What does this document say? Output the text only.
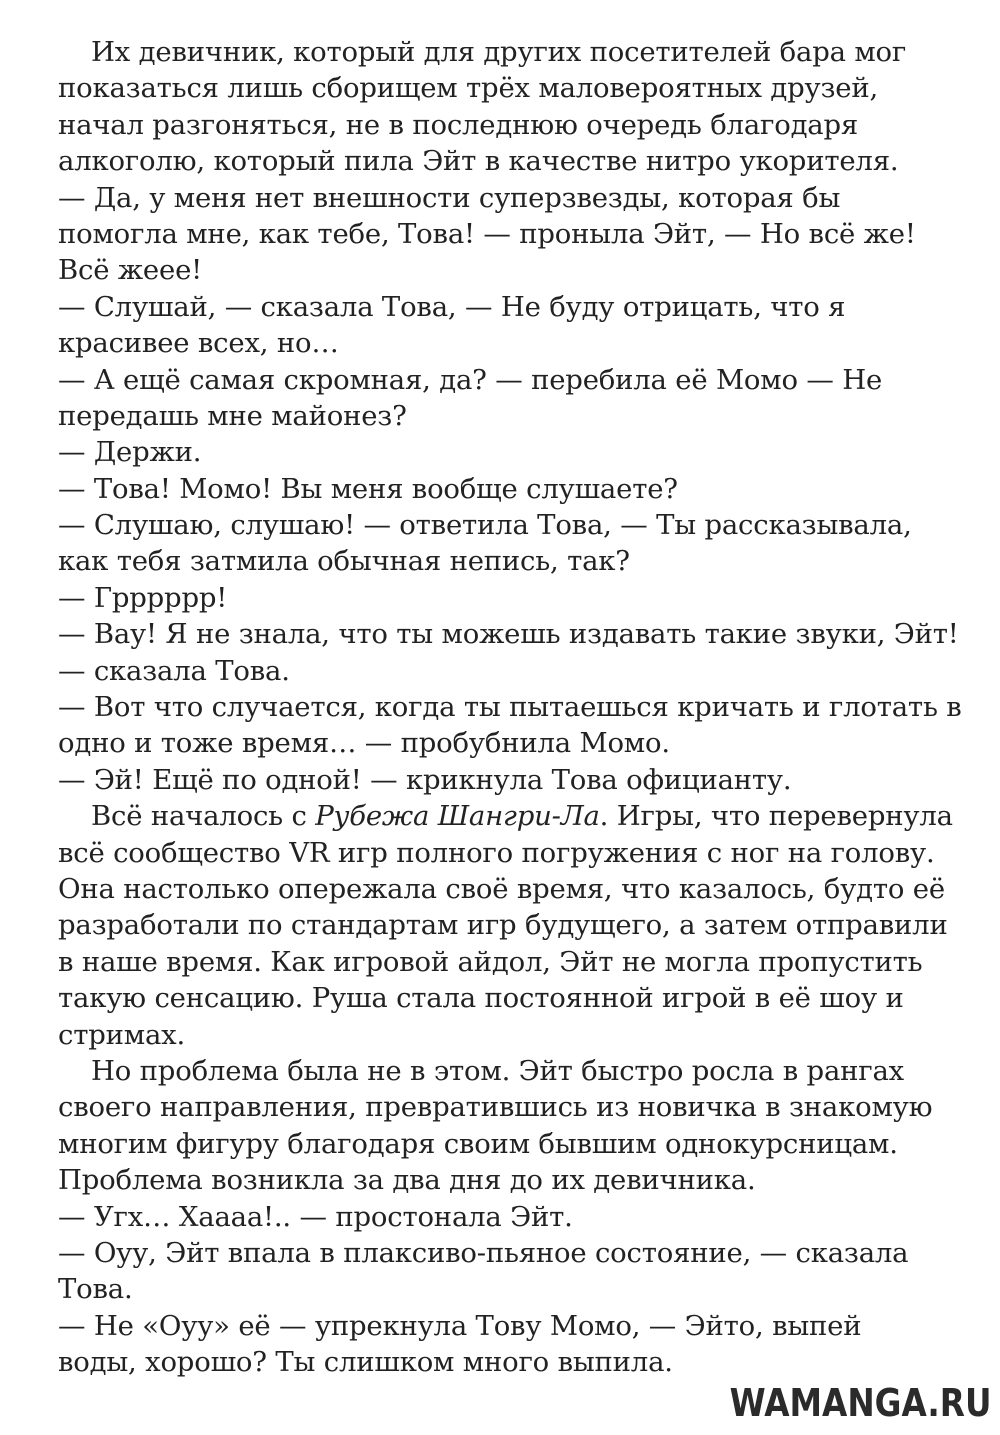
Их девичник, который для других посетителей бара мог
показаться лишь сборищем трёх маловероятных друзей,
начал разгоняться, не в последнюю очередь благодаря
алкоголю, который пила Эйт в качестве нитро укорителя.
— Да, у меня нет внешности суперзвезды, которая бы
помогла мне, как тебе, Това! — проныла Эйт, — Но всё же!
Всё жеее!
— Слушай, — сказала Това, — Не буду отрицать, что я
красивее всех, но…
— А ещё самая скромная, да? — перебила её Момо — Не
передашь мне майонез?
— Держи.
— Това! Момо! Вы меня вообще слушаете?
— Слушаю, слушаю! — ответила Това, — Ты рассказывала,
как тебя затмила обычная непись, так?
— Грррррр!
— Вау! Я не знала, что ты можешь издавать такие звуки, Эйт!
— сказала Това.
— Вот что случается, когда ты пытаешься кричать и глотать в
одно и тоже время… — пробубнила Момо.
— Эй! Ещё по одной! — крикнула Това официанту.
Всё началось с Рубежа Шангри-Ла. Игры, что перевернула
всё сообщество VR игр полного погружения с ног на голову.
Она настолько опережала своё время, что казалось, будто её
разработали по стандартам игр будущего, а затем отправили
в наше время. Как игровой айдол, Эйт не могла пропустить
такую сенсацию. Руша стала постоянной игрой в её шоу и
стримах.
Но проблема была не в этом. Эйт быстро росла в рангах
своего направления, превратившись из новичка в знакомую
многим фигуру благодаря своим бывшим однокурсницам.
Проблема возникла за два дня до их девичника.
— Угх… Хаааа!.. — простонала Эйт.
— Оуу, Эйт впала в плаксиво-пьяное состояние, — сказала
Това.
— Не «Оуу» её — упрекнула Тову Момо, — Эйто, выпей
воды, хорошо? Ты слишком много выпила.
WAMANGA.RU
